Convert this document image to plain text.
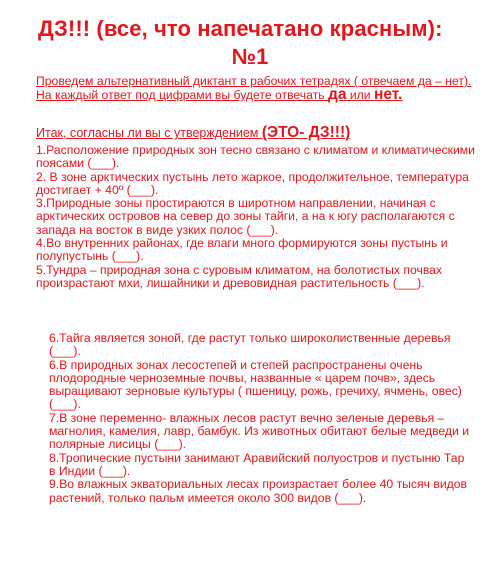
ДЗ!!! (все, что напечатано красным):
№1
Проведем альтернативный диктант в рабочих тетрадях ( отвечаем да – нет). На каждый ответ под цифрами вы будете отвечать да или нет.
Итак, согласны ли вы с утверждением (ЭТО- ДЗ!!!)

1.Расположение природных зон тесно связано с климатом и климатическими поясами (___).

2. В зоне арктических пустынь лето жаркое, продолжительное, температура достигает + 40º (___).

3.Природные зоны простираются в широтном направлении, начиная с арктических островов на север до зоны тайги, а на к югу располагаются с запада на восток в виде узких полос (___).

4.Во внутренних районах, где влаги много формируются зоны пустынь и полупустынь (___).

5.Тундра – природная зона с суровым климатом, на болотистых почвах произрастают мхи, лишайники и древовидная растительность (___).

6.Тайга является зоной, где растут только широколиственные деревья (___).

6.В природных зонах лесостепей и степей распространены очень плодородные черноземные почвы, названные « царем почв», здесь выращивают зерновые культуры ( пшеницу, рожь, гречиху, ячмень, овес) (___).

7.В зоне переменно- влажных лесов растут вечно зеленые деревья – магнолия, камелия, лавр, бамбук. Из животных обитают белые медведи и полярные лисицы (___).

8.Тропические пустыни занимают Аравийский полуостров и пустыню Тар в Индии (___).

9.Во влажных экваториальных лесах произрастает более 40 тысяч видов растений, только пальм имеется около 300 видов (___).
